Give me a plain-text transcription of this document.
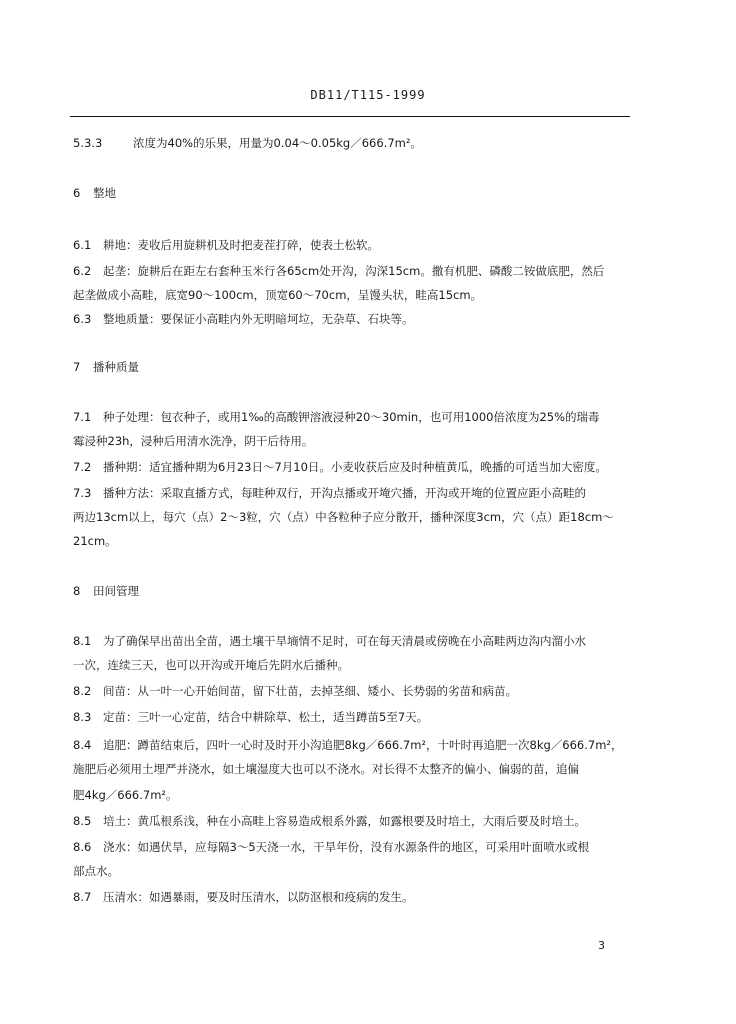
DB11/T115-1999
5.3.3	浓度为40%的乐果，用量为0.04～0.05kg／666.7m²。
6 整地
6.1 耕地：麦收后用旋耕机及时把麦茬打碎，使表土松软。
6.2 起垄：旋耕后在距左右套种玉米行各65cm处开沟，沟深15cm。撒有机肥、磷酸二铵做底肥，然后
起垄做成小高畦，底宽90～100cm，顶宽60～70cm，呈馒头状，畦高15cm。
6.3 整地质量：要保证小高畦内外无明暗坷垃，无杂草、石块等。
7 播种质量
7.1 种子处理：包衣种子，或用1‰的高酸钾溶液浸种20～30min，也可用1000倍浓度为25%的瑞毒
霉浸种23h，浸种后用清水洗净，阴干后待用。
7.2 播种期：适宜播种期为6月23日～7月10日。小麦收获后应及时种植黄瓜，晚播的可适当加大密度。
7.3 播种方法：采取直播方式，每畦种双行，开沟点播或开埯穴播，开沟或开埯的位置应距小高畦的
两边13cm以上，每穴（点）2～3粒，穴（点）中各粒种子应分散开，播种深度3cm，穴（点）距18cm～
21cm。
8 田间管理
8.1 为了确保早出苗出全苗，遇土壤干旱墒情不足时，可在每天清晨或傍晚在小高畦两边沟内溜小水
一次，连续三天，也可以开沟或开埯后先阴水后播种。
8.2 间苗：从一叶一心开始间苗，留下壮苗，去掉茎细、矮小、长势弱的劣苗和病苗。
8.3 定苗：三叶一心定苗，结合中耕除草、松土，适当蹲苗5至7天。
8.4 追肥：蹲苗结束后，四叶一心时及时开小沟追肥8kg／666.7m²，十叶时再追肥一次8kg／666.7m²，
施肥后必须用土埋严并浇水，如土壤湿度大也可以不浇水。对长得不太整齐的偏小、偏弱的苗，追偏
肥4kg／666.7m²。
8.5 培土：黄瓜根系浅，种在小高畦上容易造成根系外露，如露根要及时培土，大雨后要及时培土。
8.6 浇水：如遇伏旱，应每隔3～5天浇一水，干旱年份，没有水源条件的地区，可采用叶面喷水或根
部点水。
8.7 压清水：如遇暴雨，要及时压清水，以防沤根和疫病的发生。
3
